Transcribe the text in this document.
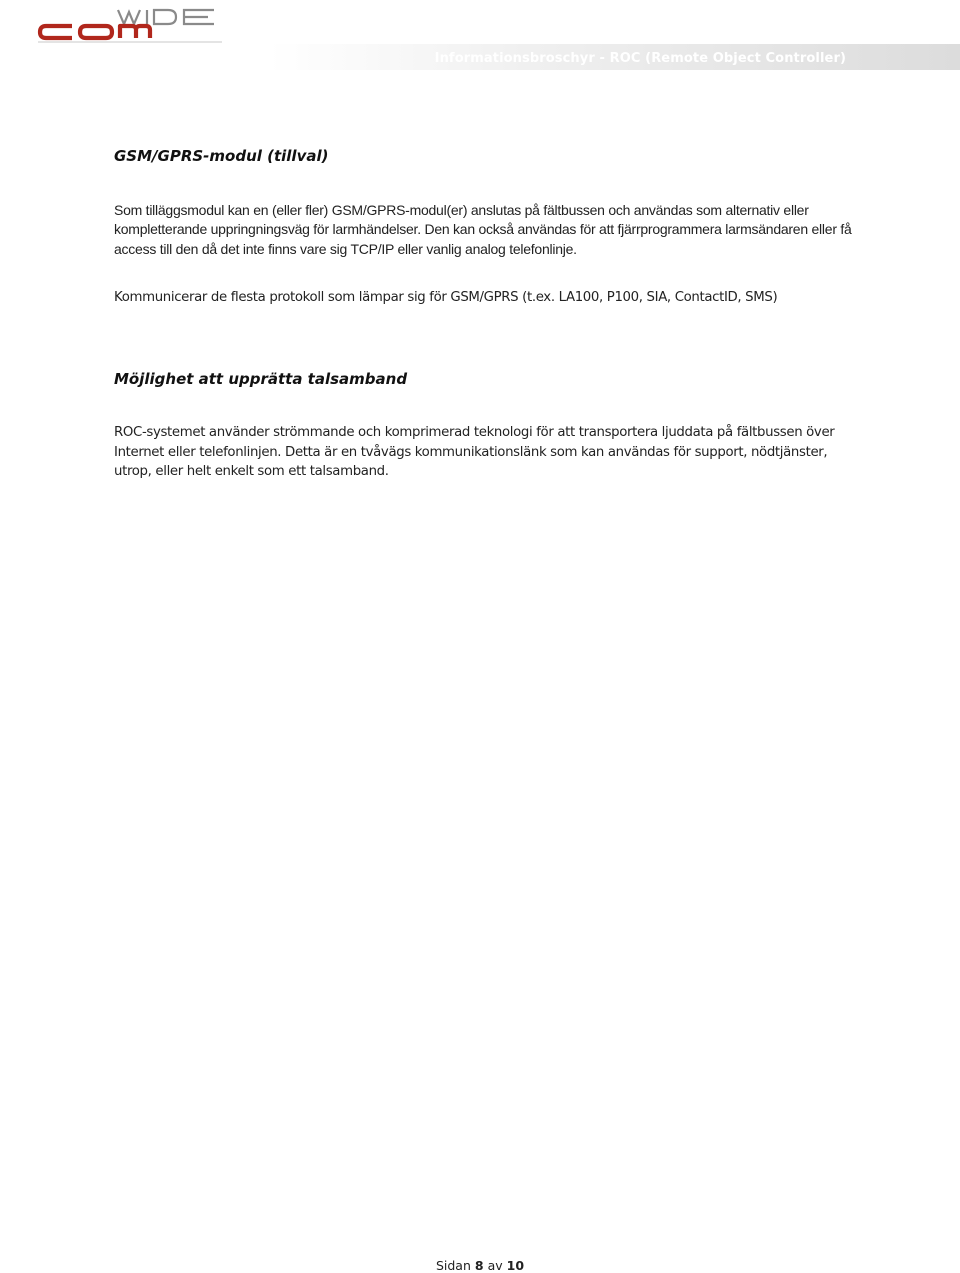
Informationsbroschyr - ROC (Remote Object Controller)
GSM/GPRS-modul (tillval)
Som tilläggsmodul kan en (eller fler) GSM/GPRS-modul(er) anslutas på fältbussen och användas som alternativ eller kompletterande uppringningsväg för larmhändelser. Den kan också användas för att fjärrprogrammera larmsändaren eller få access till den då det inte finns vare sig TCP/IP eller vanlig analog telefonlinje.
Kommunicerar de flesta protokoll som lämpar sig för GSM/GPRS (t.ex. LA100, P100, SIA, ContactID, SMS)
Möjlighet att upprätta talsamband
ROC-systemet använder strömmande och komprimerad teknologi för att transportera ljuddata på fältbussen över Internet eller telefonlinjen. Detta är en tvåvägs kommunikationslänk som kan användas för support, nödtjänster, utrop, eller helt enkelt som ett talsamband.
Sidan 8 av 10
